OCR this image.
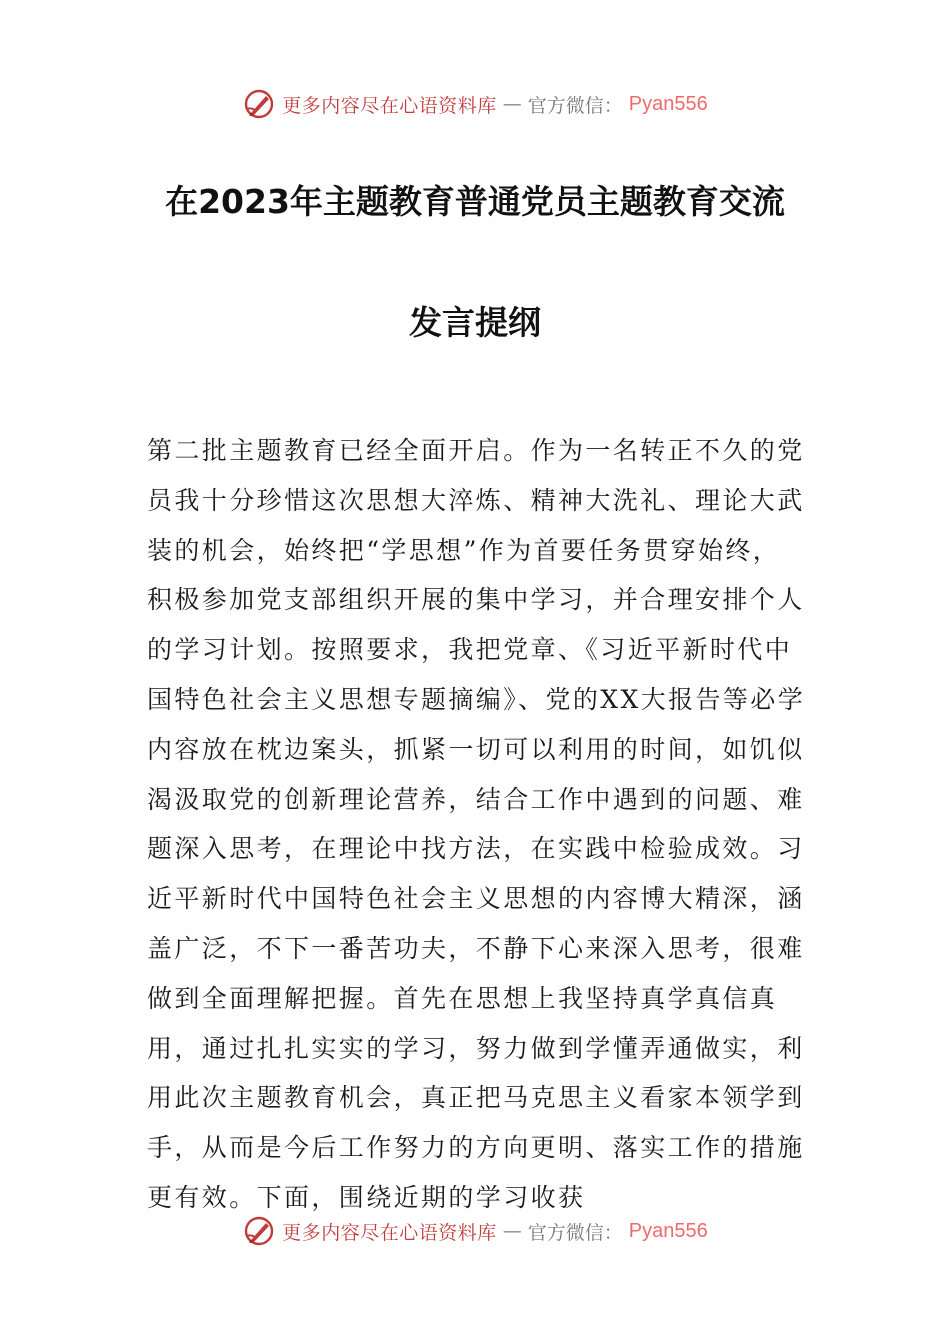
更多内容尽在心语资料库 — 官方微信： Pyan556
在2023年主题教育普通党员主题教育交流
发言提纲

第二批主题教育已经全面开启。作为一名转正不久的党员我十分珍惜这次思想大淬炼、精神大洗礼、理论大武装的机会，始终把“学思想”作为首要任务贯穿始终，积极参加党支部组织开展的集中学习，并合理安排个人的学习计划。按照要求，我把党章、《习近平新时代中国特色社会主义思想专题摘编》、党的XX大报告等必学内容放在枕边案头，抓紧一切可以利用的时间，如饥似渴汲取党的创新理论营养，结合工作中遇到的问题、难题深入思考，在理论中找方法，在实践中检验成效。习近平新时代中国特色社会主义思想的内容博大精深，涵盖广泛，不下一番苦功夫，不静下心来深入思考，很难做到全面理解把握。首先在思想上我坚持真学真信真用，通过扎扎实实的学习，努力做到学懂弄通做实，利用此次主题教育机会，真正把马克思主义看家本领学到手，从而是今后工作努力的方向更明、落实工作的措施更有效。下面，围绕近期的学习收获

更多内容尽在心语资料库 — 官方微信： Pyan556
